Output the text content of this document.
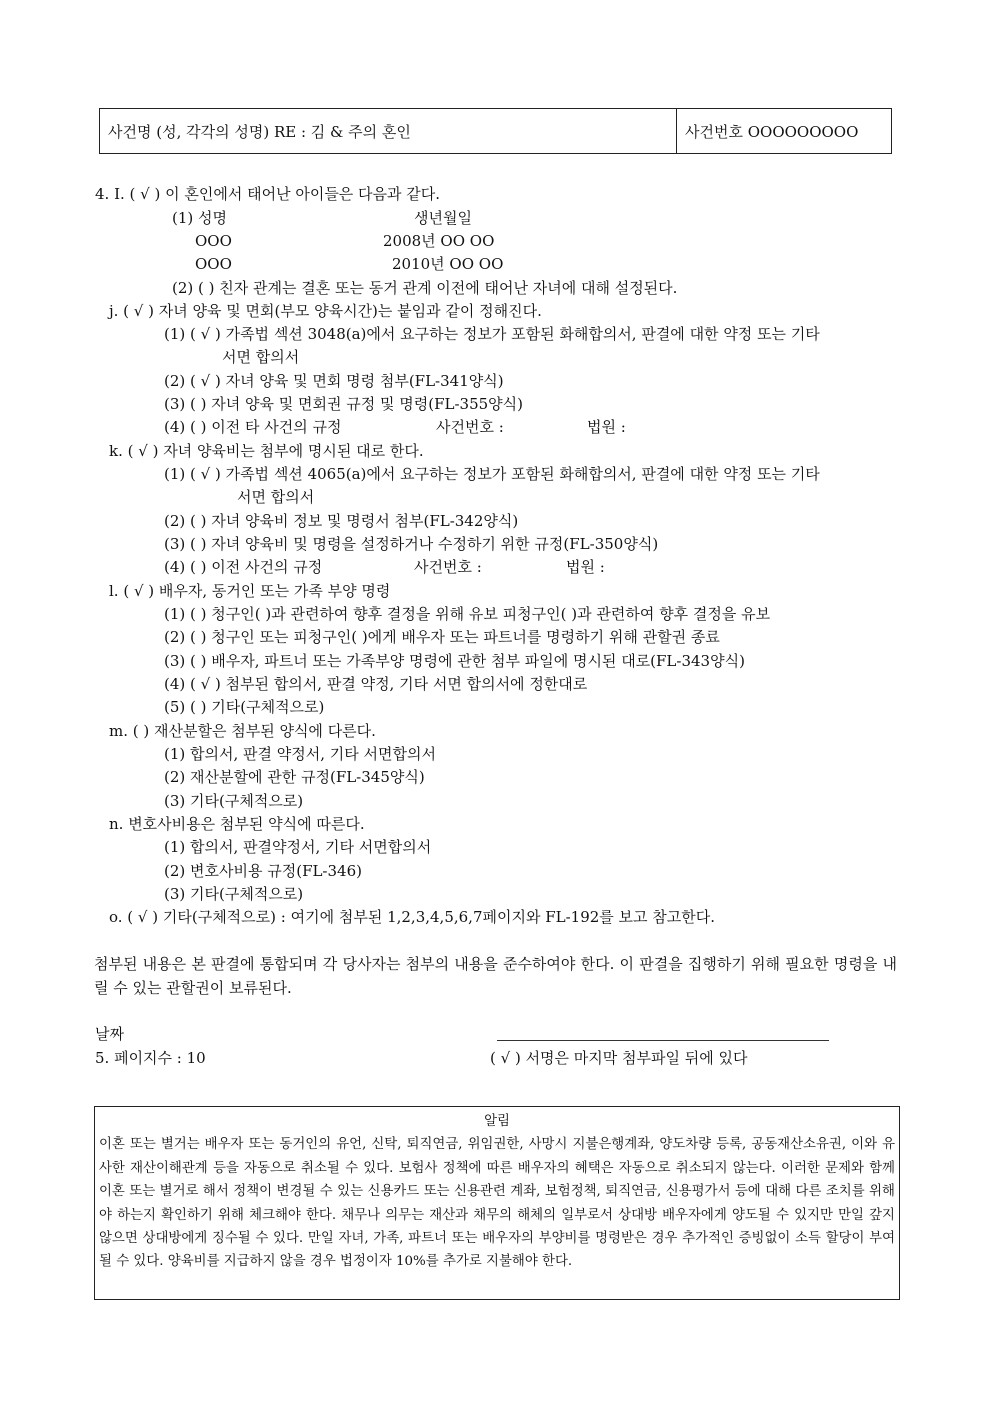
사건명 (성, 각각의 성명) RE : 김 & 주의 혼인	사건번호 OOOOOOOOO
4. I. ( √ ) 이 혼인에서 태어난 아이들은 다음과 같다.
(1) 성명	생년월일
OOO	2008년 OO OO
OOO	2010년 OO OO
(2) ( ) 친자 관계는 결혼 또는 동거 관계 이전에 태어난 자녀에 대해 설정된다.
j. ( √ ) 자녀 양육 및 면회(부모 양육시간)는 붙임과 같이 정해진다.
(1) ( √ ) 가족법 섹션 3048(a)에서 요구하는 정보가 포함된 화해합의서, 판결에 대한 약정 또는 기타
서면 합의서
(2) ( √ ) 자녀 양육 및 면회 명령 첨부(FL-341양식)
(3) ( ) 자녀 양육 및 면회권 규정 및 명령(FL-355양식)
(4) ( ) 이전 타 사건의 규정	사건번호 :	법원 :
k. ( √ ) 자녀 양육비는 첨부에 명시된 대로 한다.
(1) ( √ ) 가족법 섹션 4065(a)에서 요구하는 정보가 포함된 화해합의서, 판결에 대한 약정 또는 기타
서면 합의서
(2) ( ) 자녀 양육비 정보 및 명령서 첨부(FL-342양식)
(3) ( ) 자녀 양육비 및 명령을 설정하거나 수정하기 위한 규정(FL-350양식)
(4) ( ) 이전 사건의 규정	사건번호 :	법원 :
l. ( √ ) 배우자, 동거인 또는 가족 부양 명령
(1) ( ) 청구인( )과 관련하여 향후 결정을 위해 유보 피청구인( )과 관련하여 향후 결정을 유보
(2) ( ) 청구인 또는 피청구인( )에게 배우자 또는 파트너를 명령하기 위해 관할권 종료
(3) ( ) 배우자, 파트너 또는 가족부양 명령에 관한 첨부 파일에 명시된 대로(FL-343양식)
(4) ( √ ) 첨부된 합의서, 판결 약정, 기타 서면 합의서에 정한대로
(5) ( ) 기타(구체적으로)
m. ( ) 재산분할은 첨부된 양식에 다른다.
(1) 합의서, 판결 약정서, 기타 서면합의서
(2) 재산분할에 관한 규정(FL-345양식)
(3) 기타(구체적으로)
n. 변호사비용은 첨부된 약식에 따른다.
(1) 합의서, 판결약정서, 기타 서면합의서
(2) 변호사비용 규정(FL-346)
(3) 기타(구체적으로)
o. ( √ ) 기타(구체적으로) : 여기에 첨부된 1,2,3,4,5,6,7페이지와 FL-192를 보고 참고한다.
첨부된 내용은 본 판결에 통합되며 각 당사자는 첨부의 내용을 준수하여야 한다. 이 판결을 집행하기 위해 필요한 명령을 내릴 수 있는 관할권이 보류된다.
날짜
5. 페이지수 : 10	( √ ) 서명은 마지막 첨부파일 뒤에 있다
알림
이혼 또는 별거는 배우자 또는 동거인의 유언, 신탁, 퇴직연금, 위임권한, 사망시 지불은행계좌, 양도차량 등록, 공동재산소유권, 이와 유사한 재산이해관계 등을 자동으로 취소될 수 있다. 보험사 정책에 따른 배우자의 혜택은 자동으로 취소되지 않는다. 이러한 문제와 함께 이혼 또는 별거로 해서 정책이 변경될 수 있는 신용카드 또는 신용관련 계좌, 보험정책, 퇴직연금, 신용평가서 등에 대해 다른 조치를 위해야 하는지 확인하기 위해 체크해야 한다. 채무나 의무는 재산과 채무의 해체의 일부로서 상대방 배우자에게 양도될 수 있지만 만일 갚지 않으면 상대방에게 징수될 수 있다. 만일 자녀, 가족, 파트너 또는 배우자의 부양비를 명령받은 경우 추가적인 증빙없이 소득 할당이 부여될 수 있다. 양육비를 지급하지 않을 경우 법정이자 10%를 추가로 지불해야 한다.
